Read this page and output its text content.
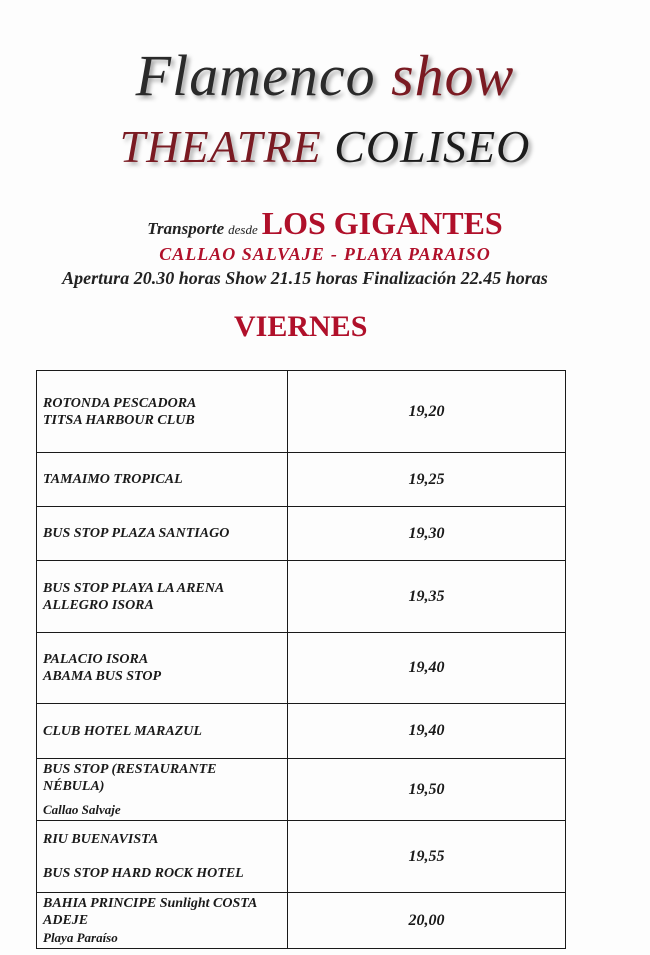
Flamenco show
THEATRE COLISEO
Transporte desde LOS GIGANTES
CALLAO SALVAJE - PLAYA PARAISO
Apertura 20.30 horas Show 21.15 horas Finalización 22.45 horas
VIERNES
ROTONDA PESCADORA
TITSA HARBOUR CLUB	19,20

TAMAIMO TROPICAL	19,25

BUS STOP PLAZA SANTIAGO	19,30

BUS STOP PLAYA LA ARENA
ALLEGRO ISORA	19,35

PALACIO ISORA
ABAMA BUS STOP	19,40

CLUB HOTEL MARAZUL	19,40

BUS STOP (RESTAURANTE
NÉBULA)
Callao Salvaje	19,50

RIU BUENAVISTA
BUS STOP HARD ROCK HOTEL	19,55

BAHIA PRINCIPE Sunlight COSTA
ADEJE
Playa Paraíso	20,00
